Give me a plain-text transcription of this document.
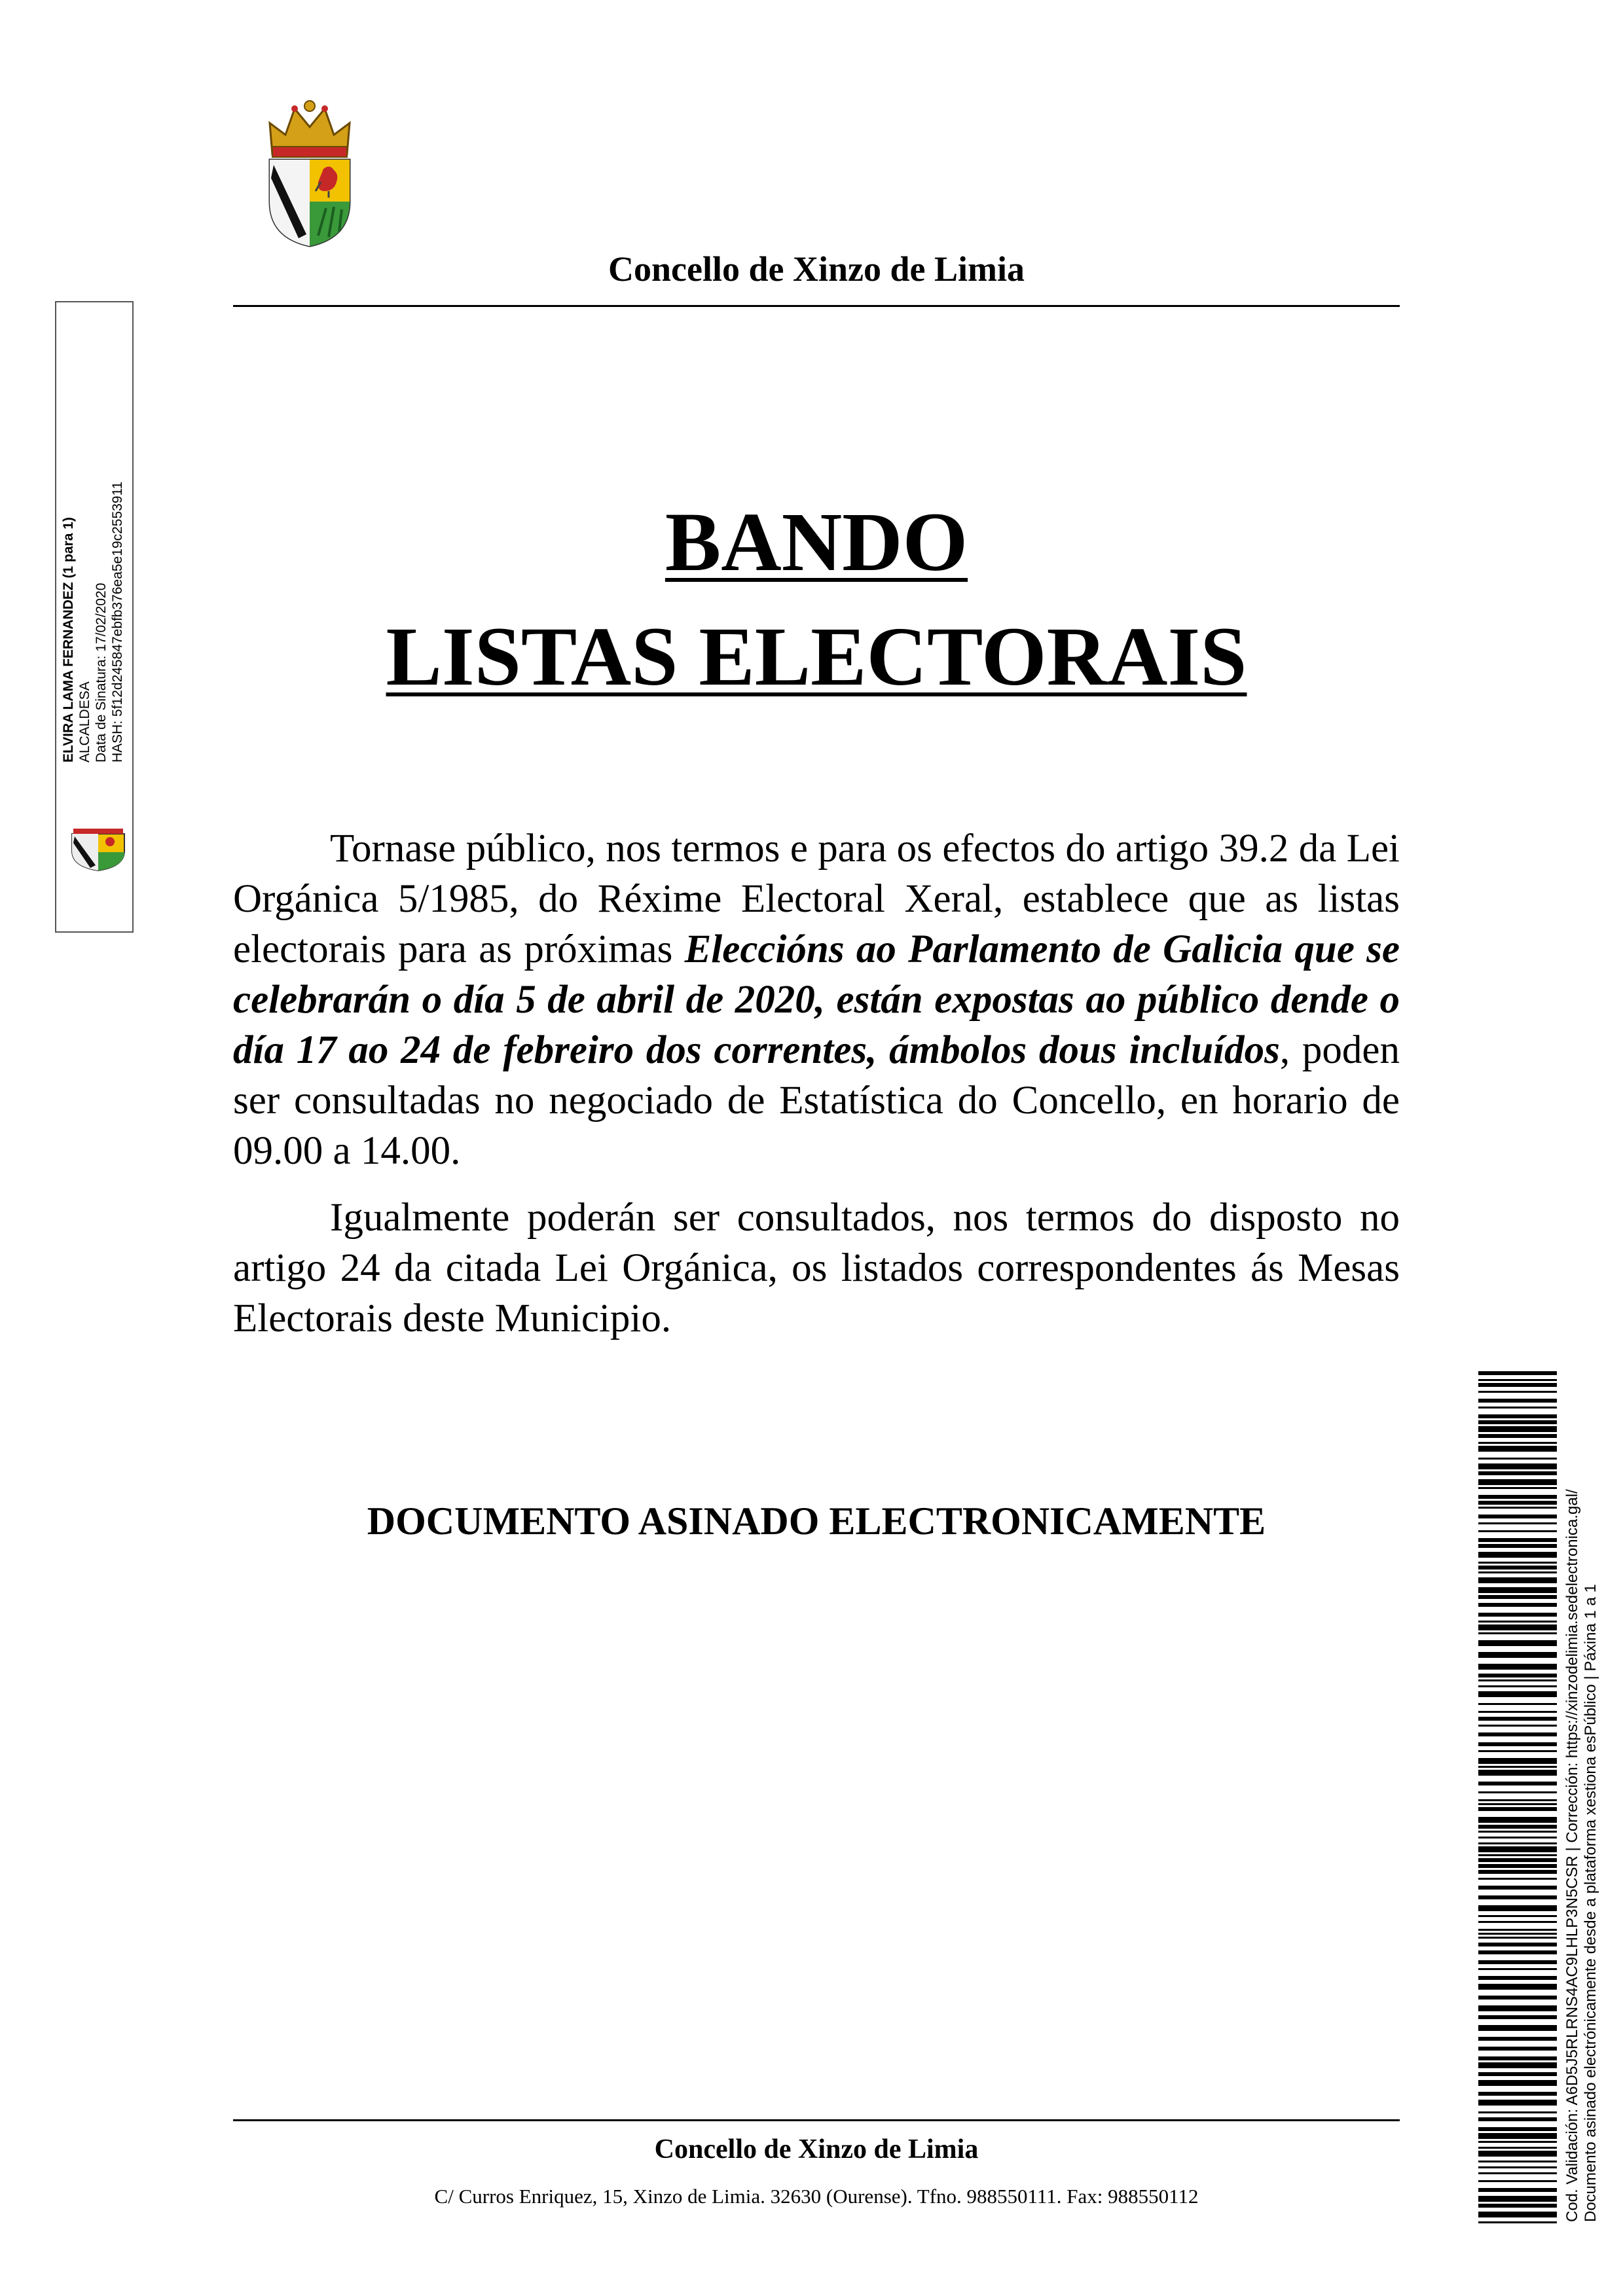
Concello de Xinzo de Limia
ELVIRA LAMA FERNANDEZ (1 para 1) ALCALDESA Data de Sinatura: 17/02/2020 HASH: 5f12d245847ebfb376ea5e19c2553911	BANDO
LISTAS ELECTORAIS

Tornase público, nos termos e para os efectos do artigo 39.2 da Lei Orgánica 5/1985, do Réxime Electoral Xeral, establece que as listas electorais para as próximas Eleccións ao Parlamento de Galicia que se celebrarán o día 5 de abril de 2020, están expostas ao público dende o día 17 ao 24 de febreiro dos correntes, ámbolos dous incluídos, poden ser consultadas no negociado de Estatística do Concello, en horario de 09.00 a 14.00.

Igualmente poderán ser consultados, nos termos do disposto no artigo 24 da citada Lei Orgánica, os listados correspondentes ás Mesas Electorais deste Municipio.

DOCUMENTO ASINADO ELECTRONICAMENTE
Concello de Xinzo de Limia
C/ Curros Enriquez, 15, Xinzo de Limia. 32630 (Ourense). Tfno. 988550111. Fax: 988550112	Cod. Validación: A6D5J5RLRNS4AC9LHLP3N5CSR | Corrección: https://xinzodelimia.sedelectronica.gal/ Documento asinado electrónicamente desde a plataforma xestiona esPúblico | Páxina 1 a 1
